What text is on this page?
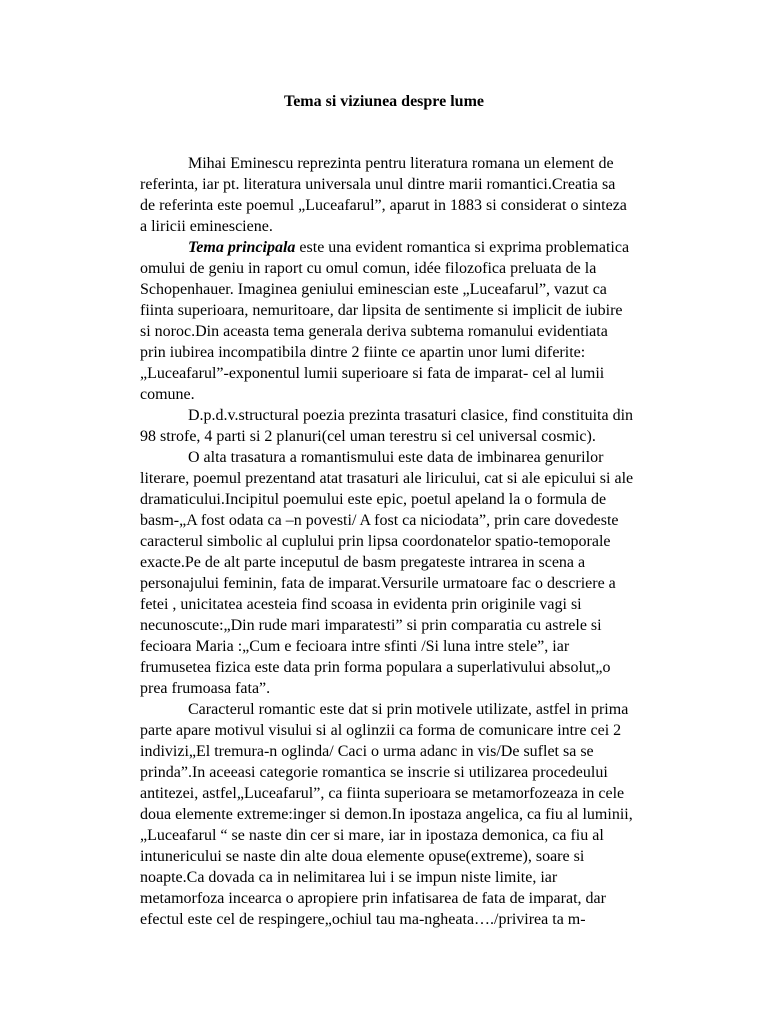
Tema si viziunea despre lume
Mihai Eminescu reprezinta pentru literatura romana un element de
referinta, iar pt. literatura universala unul dintre marii romantici.Creatia sa
de referinta este poemul „Luceafarul”, aparut in 1883 si considerat o sinteza
a liricii eminesciene.
Tema principala este una evident romantica si exprima problematica
omului de geniu in raport cu omul comun, idée filozofica preluata de la
Schopenhauer. Imaginea geniului eminescian este „Luceafarul”, vazut ca
fiinta superioara, nemuritoare, dar lipsita de sentimente si implicit de iubire
si noroc.Din aceasta tema generala deriva subtema romanului evidentiata
prin iubirea incompatibila dintre 2 fiinte ce apartin unor lumi diferite:
„Luceafarul”-exponentul lumii superioare si fata de imparat- cel al lumii
comune.
D.p.d.v.structural poezia prezinta trasaturi clasice, find constituita din
98 strofe, 4 parti si 2 planuri(cel uman terestru si cel universal cosmic).
O alta trasatura a romantismului este data de imbinarea genurilor
literare, poemul prezentand atat trasaturi ale liricului, cat si ale epicului si ale
dramaticului.Incipitul poemului este epic, poetul apeland la o formula de
basm-„A fost odata ca –n povesti/ A fost ca niciodata”, prin care dovedeste
caracterul simbolic al cuplului prin lipsa coordonatelor spatio-temoporale
exacte.Pe de alt parte inceputul de basm pregateste intrarea in scena a
personajului feminin, fata de imparat.Versurile urmatoare fac o descriere a
fetei , unicitatea acesteia find scoasa in evidenta prin originile vagi si
necunoscute:„Din rude mari imparatesti” si prin comparatia cu astrele si
fecioara Maria :„Cum e fecioara intre sfinti /Si luna intre stele”, iar
frumusetea fizica este data prin forma populara a superlativului absolut„o
prea frumoasa fata”.
Caracterul romantic este dat si prin motivele utilizate, astfel in prima
parte apare motivul visului si al oglinzii ca forma de comunicare intre cei 2
indivizi„El tremura-n oglinda/ Caci o urma adanc in vis/De suflet sa se
prinda”.In aceeasi categorie romantica se inscrie si utilizarea procedeului
antitezei, astfel„Luceafarul”, ca fiinta superioara se metamorfozeaza in cele
doua elemente extreme:inger si demon.In ipostaza angelica, ca fiu al luminii,
„Luceafarul “ se naste din cer si mare, iar in ipostaza demonica, ca fiu al
intunericului se naste din alte doua elemente opuse(extreme), soare si
noapte.Ca dovada ca in nelimitarea lui i se impun niste limite, iar
metamorfoza incearca o apropiere prin infatisarea de fata de imparat, dar
efectul este cel de respingere„ochiul tau ma-ngheata…./privirea ta m-
